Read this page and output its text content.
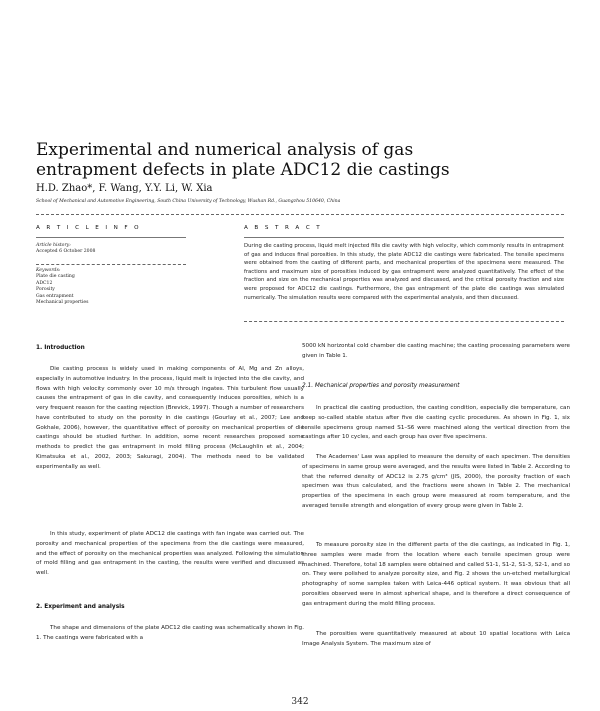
Experimental and numerical analysis of gas entrapment defects in plate ADC12 die castings
H.D. Zhao*, F. Wang, Y.Y. Li, W. Xia
School of Mechanical and Automotive Engineering, South China University of Technology, Wushan Rd., Guangzhou 510640, China
A R T I C L E I N F O	A B S T R A C T
Article history:
Accepted 6 October 2008
Keywords:
Plate die casting
ADC12
Porosity
Gas entrapment
Mechanical properties
During die casting process, liquid melt injected fills die cavity with high velocity, which commonly results in entrapment of gas and induces final porosities. In this study, the plate ADC12 die castings were fabricated. The tensile specimens were obtained from the casting of different parts, and mechanical properties of the specimens were measured. The fractions and maximum size of porosities induced by gas entrapment were analyzed quantitatively. The effect of the fraction and size on the mechanical properties was analyzed and discussed, and the critical porosity fraction and size were proposed for ADC12 die castings. Furthermore, the gas entrapment of the plate die castings was simulated numerically. The simulation results were compared with the experimental analysis, and then discussed.
1. Introduction
Die casting process is widely used in making components of Al, Mg and Zn alloys, especially in automotive industry. In the process, liquid melt is injected into the die cavity, and flows with high velocity commonly over 10 m/s through ingates. This turbulent flow usually causes the entrapment of gas in die cavity, and consequently induces porosities, which is a very frequent reason for the casting rejection (Brevick, 1997). Though a number of researchers have contributed to study on the porosity in die castings (Gourlay et al., 2007; Lee and Gokhale, 2006), however, the quantitative effect of porosity on mechanical properties of die castings should be studied further. In addition, some recent researches proposed some methods to predict the gas entrapment in mold filling process (McLaughlin et al., 2004; Kimatsuka et al., 2002, 2003; Sakuragi, 2004). The methods need to be validated experimentally as well.
In this study, experiment of plate ADC12 die castings with fan ingate was carried out. The porosity and mechanical properties of the specimens from the die castings were measured, and the effect of porosity on the mechanical properties was analyzed. Following the simulation of mold filling and gas entrapment in the casting, the results were verified and discussed as well.
2. Experiment and analysis
The shape and dimensions of the plate ADC12 die casting was schematically shown in Fig. 1. The castings were fabricated with a
5000 kN horizontal cold chamber die casting machine; the casting processing parameters were given in Table 1.
2.1. Mechanical properties and porosity measurement
In practical die casting production, the casting condition, especially die temperature, can keep so-called stable status after five die casting cyclic procedures. As shown in Fig. 1, six tensile specimens group named S1–S6 were machined along the vertical direction from the castings after 10 cycles, and each group has over five specimens.
The Academes' Law was applied to measure the density of each specimen. The densities of specimens in same group were averaged, and the results were listed in Table 2. According to that the referred density of ADC12 is 2.75 g/cm³ (JIS, 2000), the porosity fraction of each specimen was thus calculated, and the fractions were shown in Table 2. The mechanical properties of the specimens in each group were measured at room temperature, and the averaged tensile strength and elongation of every group were given in Table 2.
To measure porosity size in the different parts of the die castings, as indicated in Fig. 1, three samples were made from the location where each tensile specimen group were machined. Therefore, total 18 samples were obtained and called S1-1, S1-2, S1-3, S2-1, and so on. They were polished to analyze porosity size, and Fig. 2 shows the un-etched metallurgical photography of some samples taken with Leica-446 optical system. It was obvious that all porosities observed were in almost spherical shape, and is therefore a direct consequence of gas entrapment during the mold filling process.
The porosities were quantitatively measured at about 10 spatial locations with Leica Image Analysis System. The maximum size of
342
